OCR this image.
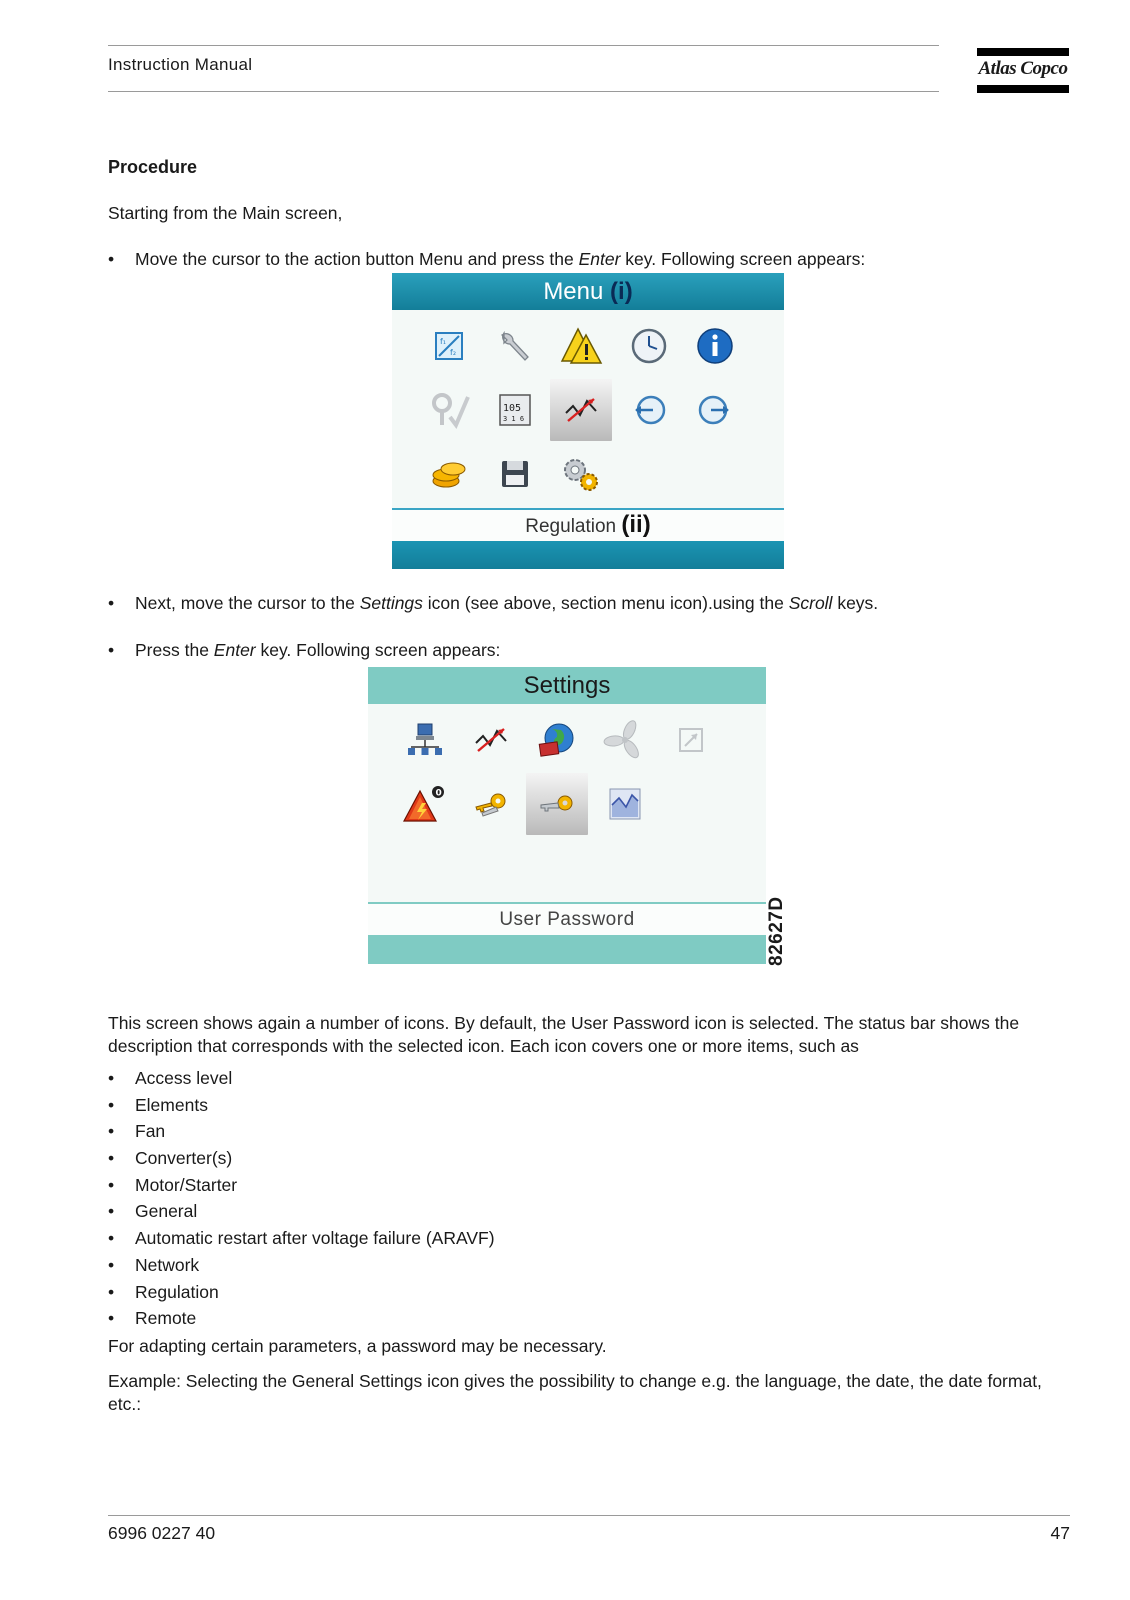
Instruction Manual	Atlas Copco
Procedure
Starting from the Main screen,
• Move the cursor to the action button Menu and press the Enter key. Following screen appears:
Menu (i)
f₁
f₂
105
3 1 6
Regulation (ii)
• Next, move the cursor to the Settings icon (see above, section menu icon).using the Scroll keys.
• Press the Enter key. Following screen appears:
Settings
0
User Password	82627D
This screen shows again a number of icons. By default, the User Password icon is selected. The status bar shows the description that corresponds with the selected icon. Each icon covers one or more items, such as
• Access level
• Elements
• Fan
• Converter(s)
• Motor/Starter
• General
• Automatic restart after voltage failure (ARAVF)
• Network
• Regulation
• Remote
For adapting certain parameters, a password may be necessary.
Example: Selecting the General Settings icon gives the possibility to change e.g. the language, the date, the date format, etc.:
6996 0227 40	47
